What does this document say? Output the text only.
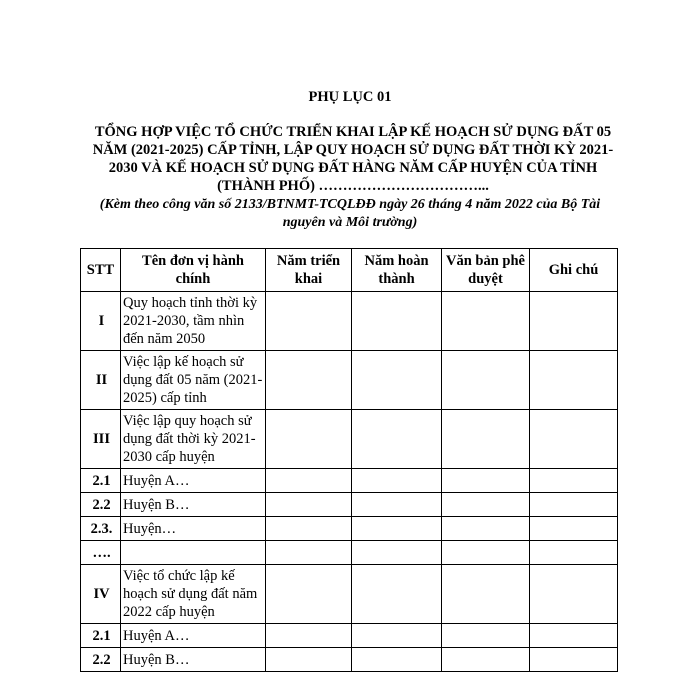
PHỤ LỤC 01
TỔNG HỢP VIỆC TỔ CHỨC TRIỂN KHAI LẬP KẾ HOẠCH SỬ DỤNG ĐẤT 05
NĂM (2021-2025) CẤP TỈNH, LẬP QUY HOẠCH SỬ DỤNG ĐẤT THỜI KỲ 2021-
2030 VÀ KẾ HOẠCH SỬ DỤNG ĐẤT HÀNG NĂM CẤP HUYỆN CỦA TỈNH
(THÀNH PHỐ) ……………………………...
(Kèm theo công văn số 2133/BTNMT-TCQLĐĐ ngày 26 tháng 4 năm 2022 của Bộ Tài
nguyên và Môi trường)
STT	Tên đơn vị hành chính	Năm triển khai	Năm hoàn thành	Văn bản phê duyệt	Ghi chú
I	Quy hoạch tỉnh thời kỳ 2021-2030, tầm nhìn đến năm 2050				
II	Việc lập kế hoạch sử dụng đất 05 năm (2021-2025) cấp tỉnh				
III	Việc lập quy hoạch sử dụng đất thời kỳ 2021-2030 cấp huyện				
2.1	Huyện A…				
2.2	Huyện B…				
2.3.	Huyện…				
….					
IV	Việc tổ chức lập kế hoạch sử dụng đất năm 2022 cấp huyện				
2.1	Huyện A…				
2.2	Huyện B…				
